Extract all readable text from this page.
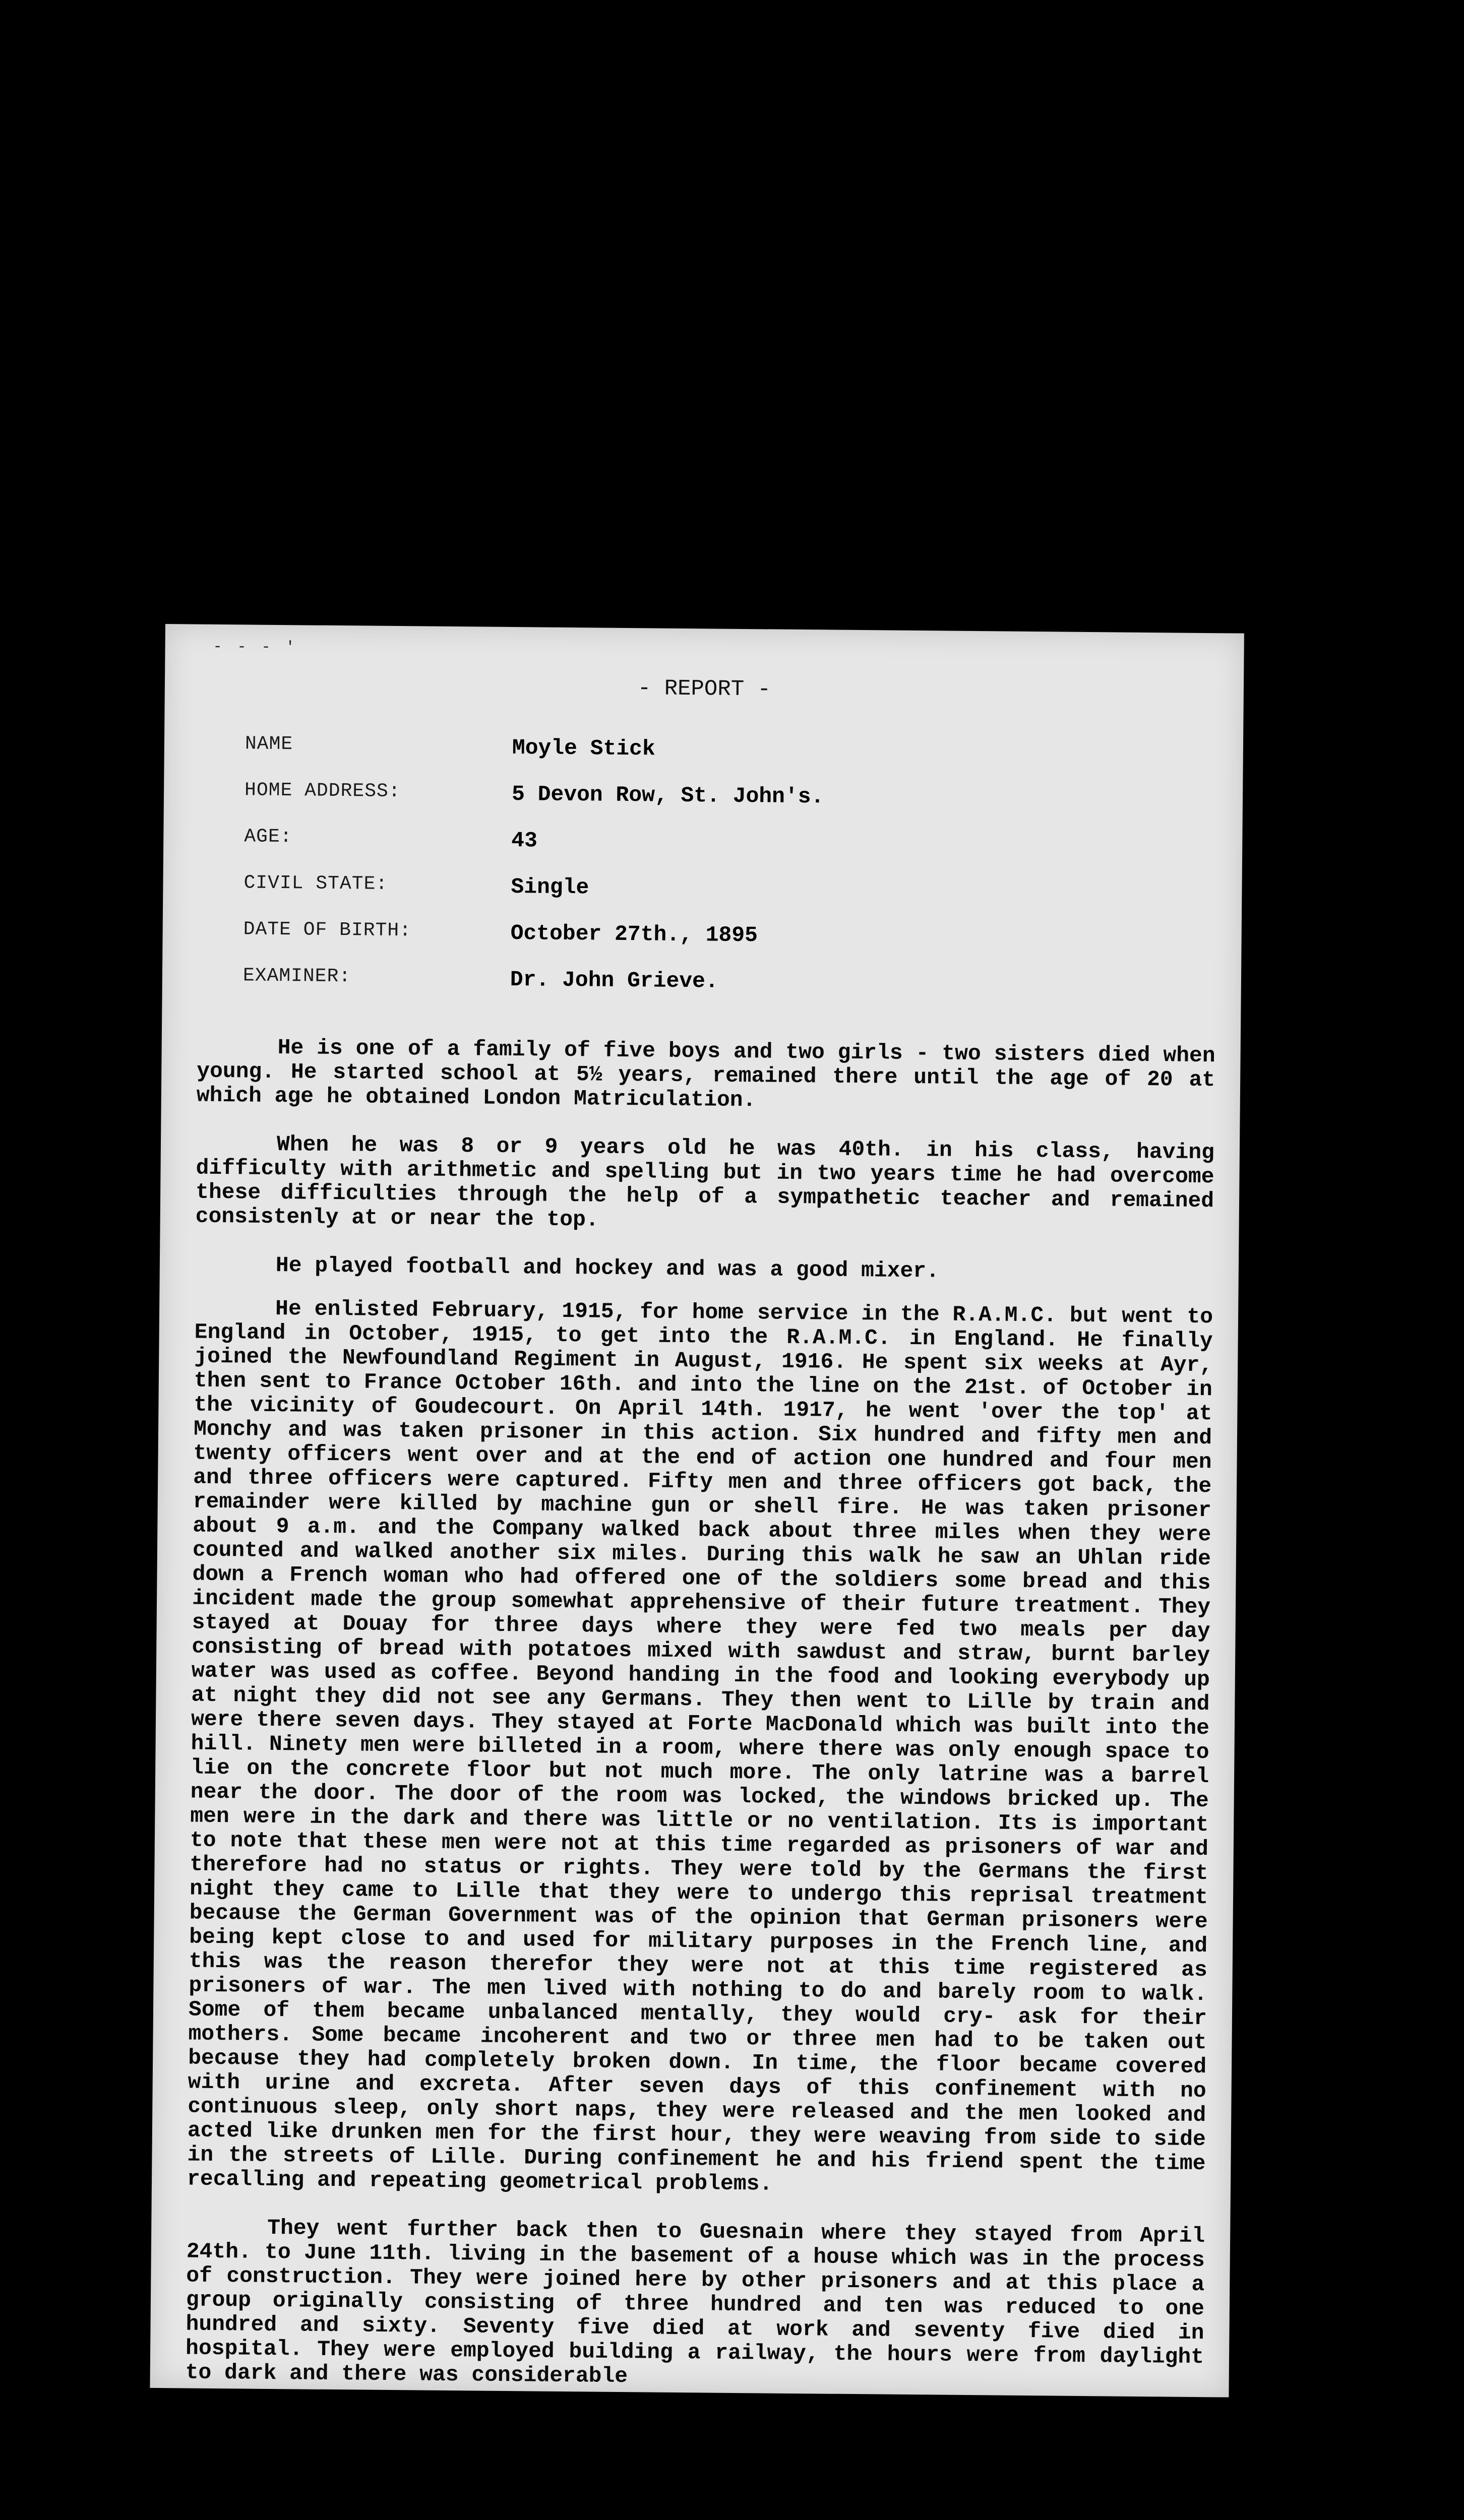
- - - '
- REPORT -
NAME	Moyle Stick
HOME ADDRESS:	5 Devon Row, St. John's.
AGE:	43
CIVIL STATE:	Single
DATE OF BIRTH:	October 27th., 1895
EXAMINER:	Dr. John Grieve.

He is one of a family of five boys and two girls - two sisters died when young. He started school at 5½ years, remained there until the age of 20 at which age he obtained London Matriculation.

When he was 8 or 9 years old he was 40th. in his class, having difficulty with arithmetic and spelling but in two years time he had overcome these difficulties through the help of a sympathetic teacher and remained consistenly at or near the top.

He played football and hockey and was a good mixer.

He enlisted February, 1915, for home service in the R.A.M.C. but went to England in October, 1915, to get into the R.A.M.C. in England. He finally joined the Newfoundland Regiment in August, 1916. He spent six weeks at Ayr, then sent to France October 16th. and into the line on the 21st. of October in the vicinity of Goudecourt. On April 14th. 1917, he went 'over the top' at Monchy and was taken prisoner in this action. Six hundred and fifty men and twenty officers went over and at the end of action one hundred and four men and three officers were captured. Fifty men and three officers got back, the remainder were killed by machine gun or shell fire. He was taken prisoner about 9 a.m. and the Company walked back about three miles when they were counted and walked another six miles. During this walk he saw an Uhlan ride down a French woman who had offered one of the soldiers some bread and this incident made the group somewhat apprehensive of their future treatment. They stayed at Douay for three days where they were fed two meals per day consisting of bread with potatoes mixed with sawdust and straw, burnt barley water was used as coffee. Beyond handing in the food and looking everybody up at night they did not see any Germans. They then went to Lille by train and were there seven days. They stayed at Forte MacDonald which was built into the hill. Ninety men were billeted in a room, where there was only enough space to lie on the concrete floor but not much more. The only latrine was a barrel near the door. The door of the room was locked, the windows bricked up. The men were in the dark and there was little or no ventilation. Its is important to note that these men were not at this time regarded as prisoners of war and therefore had no status or rights. They were told by the Germans the first night they came to Lille that they were to undergo this reprisal treatment because the German Government was of the opinion that German prisoners were being kept close to and used for military purposes in the French line, and this was the reason therefor they were not at this time registered as prisoners of war. The men lived with nothing to do and barely room to walk. Some of them became unbalanced mentally, they would cry- ask for their mothers. Some became incoherent and two or three men had to be taken out because they had completely broken down. In time, the floor became covered with urine and excreta. After seven days of this confinement with no continuous sleep, only short naps, they were released and the men looked and acted like drunken men for the first hour, they were weaving from side to side in the streets of Lille. During confinement he and his friend spent the time recalling and repeating geometrical problems.

They went further back then to Guesnain where they stayed from April 24th. to June 11th. living in the basement of a house which was in the process of construction. They were joined here by other prisoners and at this place a group originally consisting of three hundred and ten was reduced to one hundred and sixty. Seventy five died at work and seventy five died in hospital. They were employed building a railway, the hours were from daylight to dark and there was considerable
